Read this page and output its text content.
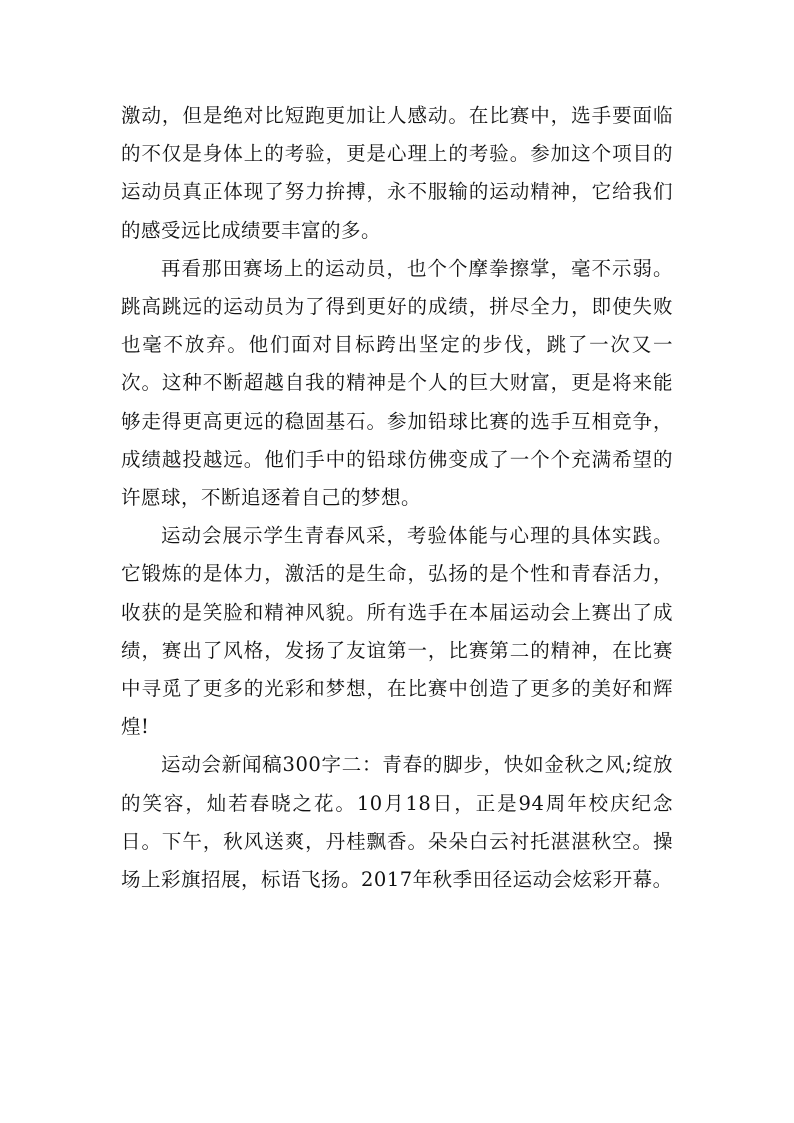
激动，但是绝对比短跑更加让人感动。在比赛中，选手要面临的不仅是身体上的考验，更是心理上的考验。参加这个项目的运动员真正体现了努力拚搏，永不服输的运动精神，它给我们的感受远比成绩要丰富的多。

再看那田赛场上的运动员，也个个摩拳擦掌，毫不示弱。跳高跳远的运动员为了得到更好的成绩，拼尽全力，即使失败也毫不放弃。他们面对目标跨出坚定的步伐，跳了一次又一次。这种不断超越自我的精神是个人的巨大财富，更是将来能够走得更高更远的稳固基石。参加铅球比赛的选手互相竞争，成绩越投越远。他们手中的铅球仿佛变成了一个个充满希望的许愿球，不断追逐着自己的梦想。

运动会展示学生青春风采，考验体能与心理的具体实践。它锻炼的是体力，激活的是生命，弘扬的是个性和青春活力，收获的是笑脸和精神风貌。所有选手在本届运动会上赛出了成绩，赛出了风格，发扬了友谊第一，比赛第二的精神，在比赛中寻觅了更多的光彩和梦想，在比赛中创造了更多的美好和辉煌!

运动会新闻稿300字二：青春的脚步，快如金秋之风;绽放的笑容，灿若春晓之花。10月18日，正是94周年校庆纪念日。下午，秋风送爽，丹桂飘香。朵朵白云衬托湛湛秋空。操场上彩旗招展，标语飞扬。2017年秋季田径运动会炫彩开幕。
